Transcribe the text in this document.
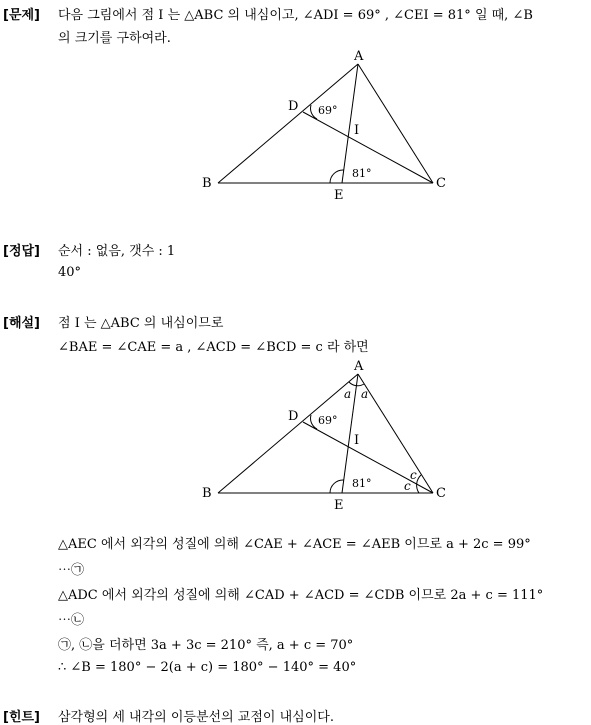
[문제] 다음 그림에서 점 I 는 △ABC 의 내심이고, ∠ADI = 69° , ∠CEI = 81° 일 때, ∠B
의 크기를 구하여라.
A
B	C
D
E
I
69°
81°
[정답] 순서 : 없음, 갯수 : 1
40°
[해설] 점 I 는 △ABC 의 내심이므로
∠BAE = ∠CAE = a , ∠ACD = ∠BCD = c 라 하면
A
B	C
D
E
I
69°
81°
a a
c
c
△AEC 에서 외각의 성질에 의해 ∠CAE + ∠ACE = ∠AEB 이므로 a + 2c = 99°
⋯㉠
△ADC 에서 외각의 성질에 의해 ∠CAD + ∠ACD = ∠CDB 이므로 2a + c = 111°
⋯㉡
㉠, ㉡을 더하면 3a + 3c = 210° 즉, a + c = 70°
∴ ∠B = 180° − 2(a + c) = 180° − 140° = 40°
[힌트] 삼각형의 세 내각의 이등분선의 교점이 내심이다.
